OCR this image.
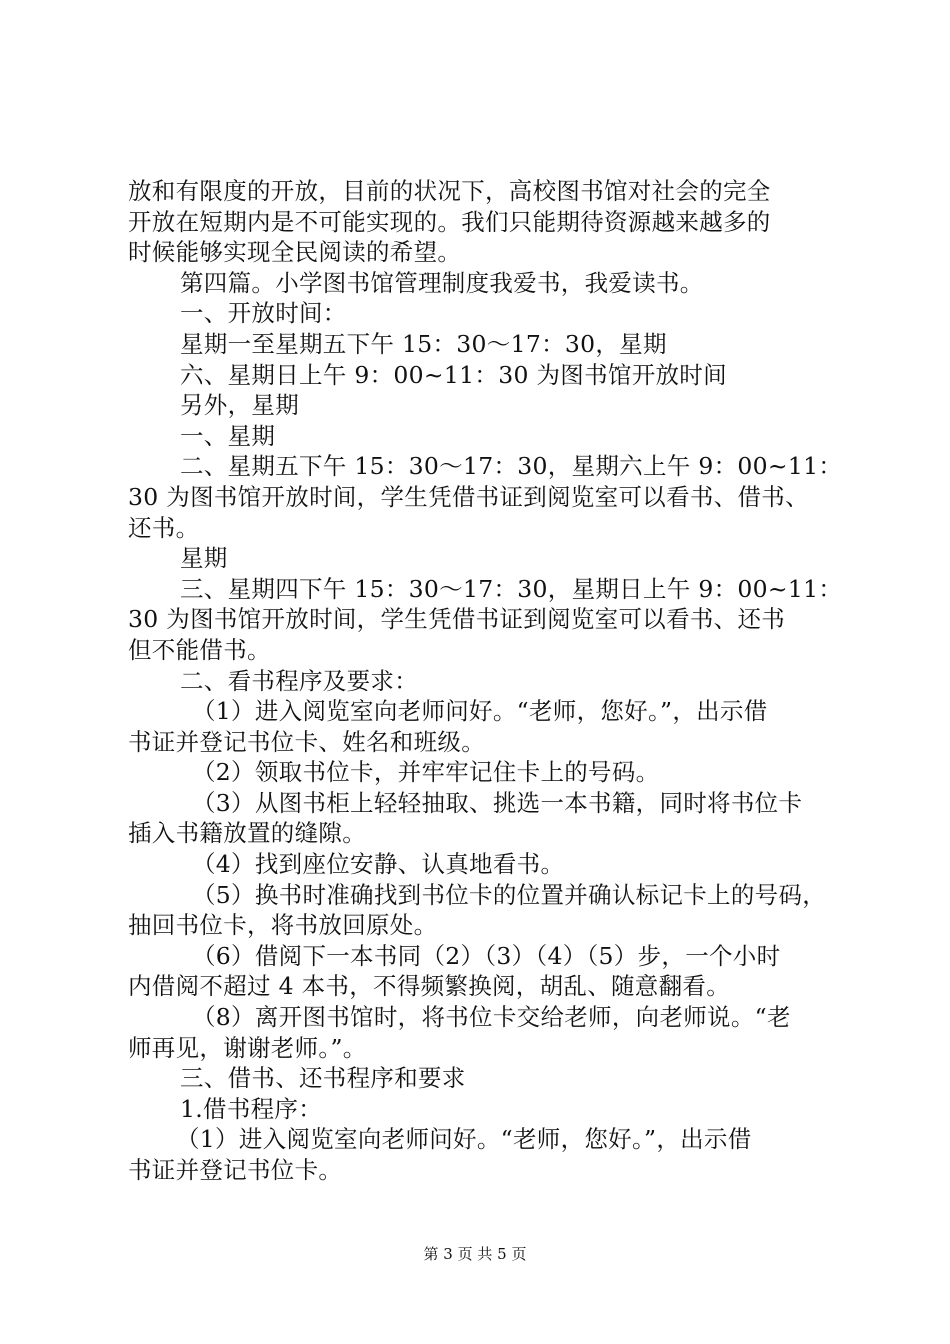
放和有限度的开放，目前的状况下，高校图书馆对社会的完全
开放在短期内是不可能实现的。我们只能期待资源越来越多的
时候能够实现全民阅读的希望。
第四篇。小学图书馆管理制度我爱书，我爱读书。
一、开放时间：
星期一至星期五下午 15：30～17：30，星期
六、星期日上午 9：00~11：30 为图书馆开放时间
另外，星期
一、星期
二、星期五下午 15：30～17：30，星期六上午 9：00~11：
30 为图书馆开放时间，学生凭借书证到阅览室可以看书、借书、
还书。
星期
三、星期四下午 15：30～17：30，星期日上午 9：00~11：
30 为图书馆开放时间，学生凭借书证到阅览室可以看书、还书
但不能借书。
二、看书程序及要求：
（1）进入阅览室向老师问好。“老师，您好。”，出示借
书证并登记书位卡、姓名和班级。
（2）领取书位卡，并牢牢记住卡上的号码。
（3）从图书柜上轻轻抽取、挑选一本书籍，同时将书位卡
插入书籍放置的缝隙。
（4）找到座位安静、认真地看书。
（5）换书时准确找到书位卡的位置并确认标记卡上的号码，
抽回书位卡，将书放回原处。
（6）借阅下一本书同（2）（3）（4）（5）步，一个小时
内借阅不超过 4 本书，不得频繁换阅，胡乱、随意翻看。
（8）离开图书馆时，将书位卡交给老师，向老师说。“老
师再见，谢谢老师。”。
三、借书、还书程序和要求
1.借书程序：
（1）进入阅览室向老师问好。“老师，您好。”，出示借
书证并登记书位卡。
第 3 页 共 5 页
